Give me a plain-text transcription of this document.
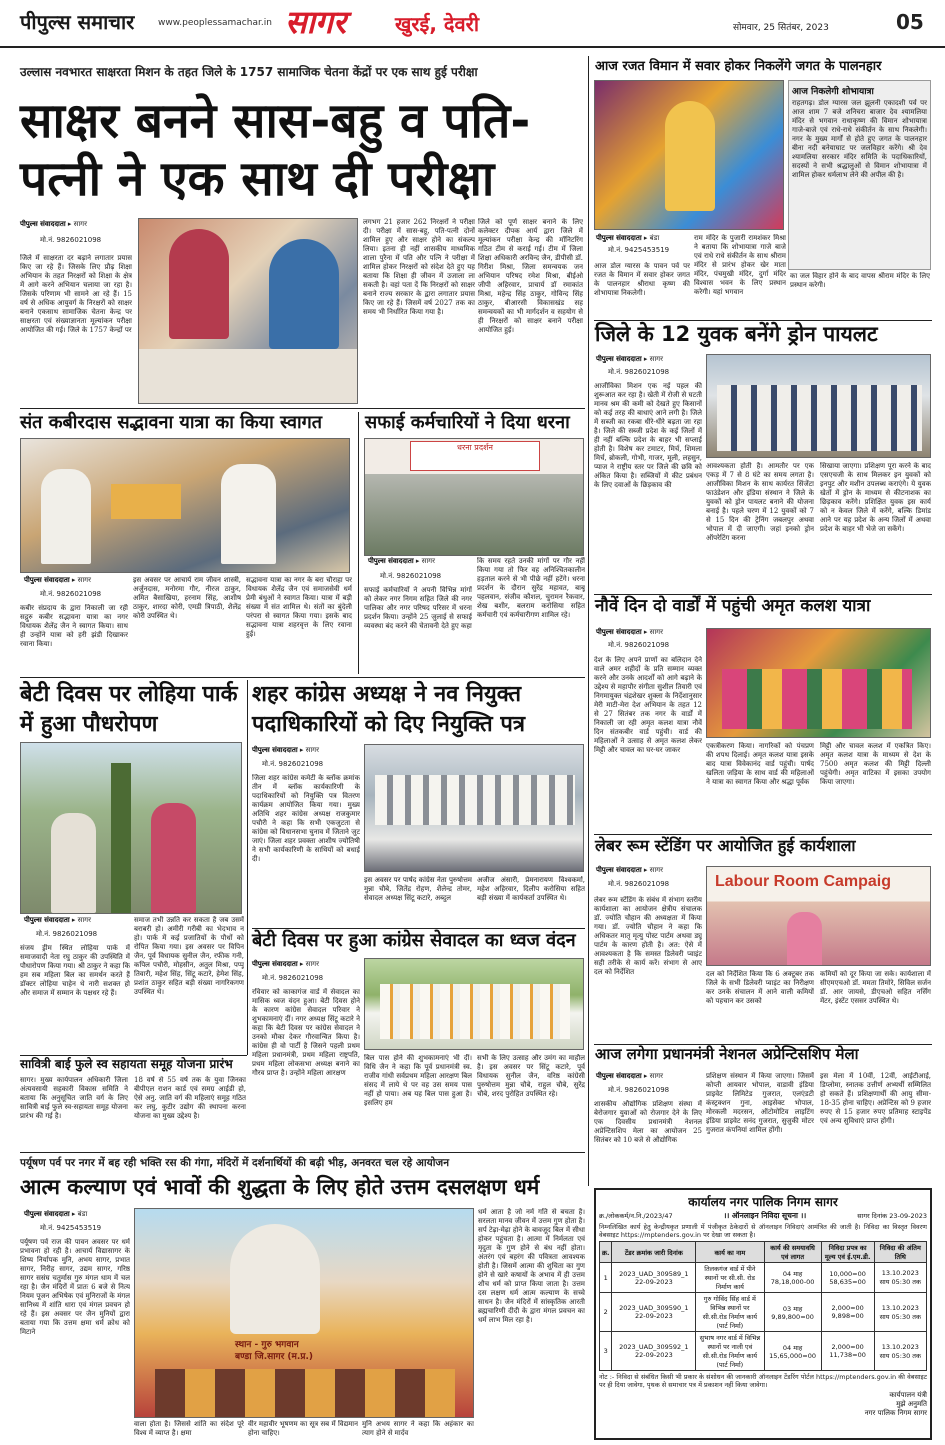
पीपुल्स समाचार	www.peoplessamachar.in सागर खुरई, देवरी	सोमवार, 25 सितंबर, 2023	05
उल्लास नवभारत साक्षरता मिशन के तहत जिले के 1757 सामाजिक चेतना केंद्रों पर एक साथ हुई परीक्षा
साक्षर बनने सास-बहु व पति-पत्नी ने एक साथ दी परीक्षा
पीपुल्स संवाददाता ▸ सागर
मो.नं. 9826021098
जिले में साक्षरता दर बढ़ाने लगातार प्रयास किए जा रहे हैं। जिसके लिए प्रौढ़ शिक्षा अभियान के तहत निरक्षरों को शिक्षा के क्षेत्र में आगे करने अभियान चलाया जा रहा है। जिसके परिणाम भी सामने आ रहे हैं। 15 वर्ष से अधिक आयुवर्ग के निरक्षरों को साक्षर बनाने एकसाथ सामाजिक चेतना केन्द्र पर साक्षरता एवं संख्याज्ञानता मूल्यांकन परीक्षा आयोजित की गई। जिले के 1757 केन्द्रों पर
लगभग 21 हजार 262 निरक्षरों ने परीक्षा दी। परीक्षा में सास-बहू, पति-पत्नी दोनों शामिल हुए और साक्षर होने का संकल्प लिया। इतना ही नहीं शासकीय माध्यमिक शाला पुरैना में पति और पत्नि ने परीक्षा में शामिल होकर निरक्षरों को संदेश देते हुए यह बताया कि शिक्षा ही जीवन में उजाला ला सकती है। वहां पता दें कि निरक्षरों को साक्षर बनाने राज्य सरकार के द्वारा लगातार प्रयास किए जा रहे हैं। जिसमें वर्ष 2027 तक का समय भी निर्धारित किया गया है।
जिले को पूर्ण साक्षर बनाने के लिए कलेक्टर दीपक आर्य द्वारा जिले में मूल्यांकन परीक्षा केन्द्र की मॉनिटरिंग गठित टीम से कराई गई। टीम में जिला शिक्षा अधिकारी अरविन्द जैन, डीपीसी डॉ. गिरीश मिश्रा, जिला समन्वयक जन अभियान परिषद रमेश मिश्रा, बीईओ जीपी अहिरवार, प्राचार्य डॉ रमाकांत मिश्रा, महेन्द्र सिंह ठाकुर, गोविन्द सिंह ठाकुर, बीआरसी विकासखंड सह समन्वयकों का भी मार्गदर्शन व सहयोग से ही निरक्षरों को साक्षर बनाने परीक्षा आयोजित हुई।
संत कबीरदास सद्भावना यात्रा का किया स्वागत
पीपुल्स संवाददाता ▸ सागर
मो.नं. 9826021098
कबीर संप्रदाय के द्वारा निकाली जा रही सद्गुरु कबीर सद्भावना यात्रा का नगर विधायक शैलेंद्र जैन ने स्वागत किया। साथ ही उन्होंने यात्रा को हरी झंडी दिखाकर रवाना किया।
इस अवसर पर आचार्य राम जीवन शास्त्री, अर्जुनदास, मनोरमा गौर, नीरज ठाकुर, अमित बैसाखिया, हरनाम सिंह, आशीष ठाकुर, शारदा कोरी, एमडी त्रिपाठी, शैलेंद्र कोरी उपस्थित थे।
सद्भावना यात्रा का नगर के बरा चौराहा पर विधायक शैलेंद्र जैन एवं समाजसेवी धर्म प्रेमी बंधुओं ने स्वागत किया। यात्रा में बड़ी संख्या में संत शामिल थे। संतों का बुंदेली परंपरा से स्वागत किया गया। इसके बाद सद्भावना यात्रा शहरवृत्त के लिए रवाना हुई।
सफाई कर्मचारियों ने दिया धरना
धरना प्रदर्शन
पीपुल्स संवाददाता ▸ सागर
मो.नं. 9826021098
सफाई कर्मचारियों ने अपनी विभिन्न मांगों को लेकर नगर निगम सहित जिले की नगर पालिका और नगर परिषद परिसर में धरना प्रदर्शन किया। उन्होंने 25 जुलाई से सफाई व्यवस्था बंद करने की चेतावनी देते हुए कहा
कि समय रहते उनकी मांगों पर गौर नहीं किया गया तो फिर वह अनिश्चितकालीन हड़ताल करने से भी पीछे नहीं हटेंगे। धरना प्रदर्शन के दौरान सुरेंद्र महावत, बाबू पहलवान, संजीव कौशल, चुरामन रैकवार, शेख बशीर, बलराम करोसिया सहित कर्मचारी एवं कर्मचारीगण शामिल रहे।
बेटी दिवस पर लोहिया पार्क में हुआ पौधरोपण
पीपुल्स संवाददाता ▸ सागर
मो.नं. 9826021098
संजय ड्रीम स्थित लोहिया पार्क में समाजवादी नेता रघु ठाकुर की उपस्थिति में पौधारोपण किया गया। श्री ठाकुर ने कहा कि हम सब महिला बिल का समर्थन करते हैं डॉक्टर लोहिया चाहेन थे नारी सशक्त हो और समाज में सम्मान के पक्षधर रहे हैं।
समाज तभी उन्नति कर सकता है जब उसमें बराबरी हो। अमीरी गरीबी का भेदभाव न हो। पार्क में कई प्रजातियों के पौधों को रोपित किया गया। इस अवसर पर विपिन जैन, पूर्व विधायक सुनील जैन, रफीक गनी, कपिल पचौरी, मोहसीन, अतुल मिश्रा, पप्पू तिवारी, महेश सिंह, सिंटू कटारे, हेमेश सिंह, प्रशांत ठाकुर सहित बड़ी संख्या नागरिकगण उपस्थित थे।
शहर कांग्रेस अध्यक्ष ने नव नियुक्त पदाधिकारियों को दिए नियुक्ति पत्र
पीपुल्स संवाददाता ▸ सागर
मो.नं. 9826021098
जिला शहर कांग्रेस कमेटी के ब्लॉक क्रमांक तीन में ब्लॉक कार्यकारिणी के पदाधिकारियों को नियुक्ति पत्र वितरण कार्यक्रम आयोजित किया गया। मुख्य अतिथि शहर कांग्रेस अध्यक्ष राजकुमार पचौरी ने कहा कि सभी एकजुटता से कांग्रेस को विधानसभा चुनाव में जिताने जुट जाएं। जिला शहर प्रवक्ता आशीष ज्योतिषी ने सभी कार्यकारिणी के साथियों को बधाई दी।
इस अवसर पर पार्षद कांग्रेस नेता पुरुषोत्तम मुन्ना चौबे, जितेंद्र रोहण, शैलेन्द्र तोमर, सेवादल अध्यक्ष सिंटू कटारे, अब्दुल
अजीज अंसारी, प्रेमनारायण विश्वकर्मा, महेश अहिरवार, दिलीप करोसिया सहित बड़ी संख्या में कार्यकर्ता उपस्थित थे।
बेटी दिवस पर हुआ कांग्रेस सेवादल का ध्वज वंदन
पीपुल्स संवाददाता ▸ सागर
मो.नं. 9826021098
रविवार को काकागंज वार्ड में सेवादल का मासिक ध्वज वंदन हुआ। बेटी दिवस होने के कारण कांग्रेस सेवादल परिवार ने शुभकामनाएं दीं। नगर अध्यक्ष सिंटू कटारे ने कहा कि बेटी दिवस पर कांग्रेस सेवादल ने उनको मौका देकर गौरवान्वित किया है। कांग्रेस ही वो पार्टी है जिसने पहली प्रथम महिला प्रधानमंत्री, प्रथम महिला राष्ट्रपति, प्रथम महिला लोकसभा अध्यक्ष बनाने का गौरव प्राप्त है। उन्होंने महिला आरक्षण
बिल पास होने की शुभकामनाएं भी दीं। विधि जैन ने कहा कि पूर्व प्रधानमंत्री स्व. राजीव गांधी सर्वप्रथम महिला आरक्षण बिल संसद में लाये थे पर वह उस समय पास नहीं हो पाया। अब यह बिल पास हुआ है। इसलिए हम
सभी के लिए उत्साह और उमंग का माहौल है। इस अवसर पर सिंटू कटारे, पूर्व विधायक सुनील जैन, वरिष्ठ कांग्रेसी पुरुषोत्तम मुन्ना चौबे, राहुल चौबे, सुरेंद्र चौबे, शरद पुरोहित उपस्थित रहे।
सावित्री बाई फुले स्व सहायता समूह योजना प्रारंभ
सागर। मुख्य कार्यपालन अधिकारी जिला अंत्यवसायी सहकारी विकास समिति ने बताया कि अनुसूचित जाति वर्ग के लिए सावित्री बाई फुले स्व-सहायता समूह योजना प्रारंभ की गई है।
18 वर्ष से 55 वर्ष तक के युवा जिनका बीपीएल राशन कार्ड एवं समग्र आईडी हो, ऐसे अनु. जाति वर्ग की महिलाएं समूह गठित कर लघु, कुटीर उद्योग की स्थापना करना योजना का मुख्य उद्देश्य है।
पर्यूषण पर्व पर नगर में बह रही भक्ति रस की गंगा, मंदिरों में दर्शनार्थियों की बढ़ी भीड़, अनवरत चल रहे आयोजन
आत्म कल्याण एवं भावों की शुद्धता के लिए होते उत्तम दसलक्षण धर्म
पीपुल्स संवाददाता ▸ बंडा
मो.नं. 9425453519
पर्यूषण पर्व राज की पावन अवसर पर धर्म प्रभावना हो रही है। आचार्य विद्यासागर के शिष्य निर्यापक मुनि, अभय सागर, प्रभात सागर, निरीह सागर, उद्यम सागर, गरिष्ठ सागर ससंघ चतुर्मास गुरु मंगल धाम में चल रहा है। जैन मंदिरों में प्रातः 6 बजे से नित्य नियम पूजन अभिषेक एवं मुनिराजों के मंगल सानिध्य में शांति धारा एवं मंगल प्रवचन हो रहे हैं। इस अवसर पर जैन मुनियों द्वारा बताया गया कि उत्तम क्षमा धर्म क्रोध को मिटाने
स्थान - गुरु भगवान
बण्डा जि.सागर (म.प्र.)
वाला होता है। जिससे शांति का संदेश पूरे विश्व में व्याप्त है। क्षमा
वीर महावीर भूषणम का सूत्र सब में विद्यमान होना चाहिए।
मुनि अभय सागर ने कहा कि अहंकार का त्याग होने से मार्दव
धर्म आता है जो नर्म गति से बचता है। सरलता मानव जीवन में उत्तम गुण होता है। सर्प टेढ़ा-मेढ़ा होने के बावजूद बिल में सीधा होकर पहुंचता है। आत्मा में निर्मलता एवं मृदुता के गुण होने से बंध नहीं होता। अंतरंग एवं बहरंग की पवित्रता आवश्यक होती है। जिसमें आत्मा की शुचिता का गुण होने से खारे कषायों के अभाव में ही उत्तम शौच धर्म को प्राप्त किया जाता है। उत्तम दस लक्षण धर्म आत्म कल्याण के सच्चे साधन है। जैन मंदिरों में सांस्कृतिक आरती ब्रह्मचारिणी दीदी के द्वारा मंगल प्रवचन का धर्म लाभ मिल रहा है।
आज रजत विमान में सवार होकर निकलेंगे जगत के पालनहार
आज निकलेगी शोभायात्रा
राहतगढ़। डोल ग्यारस जल झूलनी एकादशी पर्व पर आज शाम 7 बजे शनिचरा बाजार देव श्यामलिया मंदिर से भगवान राधाकृष्ण की विमान शोभायात्रा गाजे-बाजे एवं राधे-राधे संकीर्तन के साथ निकलेगी। नगर के मुख्य मार्गों से होते हुए जगत के पालनहार बीना नदी बनेयाघाट पर जलविहार करेंगे। श्री देव श्यामलिया सरकार मंदिर समिति के पदाधिकारियों, सदस्यों ने सभी श्रद्धालुओं से विमान शोभायात्रा में शामिल होकर धर्मलाभ लेने की अपील की है।
पीपुल्स संवाददाता ▸ बंडा
मो.नं. 9425453519
आज डोल ग्यारस के पावन पर्व पर रजत के विमान में सवार होकर जगत के पालनहार श्रीराधा कृष्ण की शोभायात्रा निकलेगी।
राम मंदिर के पुजारी रामशंकर मिश्रा ने बताया कि शोभायात्रा गाजे बाजे एवं राधे राधे संकीर्तन के साथ श्रीराम मंदिर से प्रारंभ होकर खेर माता मंदिर, पंचमुखी मंदिर, दुर्गा मंदिर विश्वास भवन के लिए प्रस्थान करेगी। यहां भगवान
का जल विहार होने के बाद वापस श्रीराम मंदिर के लिए प्रस्थान करेगी।
जिले के 12 युवक बनेंगे ड्रोन पायलट
पीपुल्स संवाददाता ▸ सागर
मो.नं. 9826021098
आजीविका मिशन एक नई पहल की शुरूआत कर रहा है। खेती में रोजी से घटती मानव श्रम की कमी को देखते हुए किसानों को कई तरह की बाधाएं आने लगी है। जिले में सब्जी का रकबा धीरे-धीरे बढ़ता जा रहा है। जिले की सब्जी प्रदेश के कई जिलों में ही नहीं बल्कि प्रदेश के बाहर भी सप्लाई होती है। विशेष कर टमाटर, मिर्च, शिमला मिर्च, ब्रोकली, गोभी, गाजर, मूली, लहसुन, प्याज ने राष्ट्रीय स्तर पर जिले की छवि को अंकित किया है। सब्जियों में कीट प्रबंधन के लिए दवाओं के छिड़काव की
आवश्यकता होती है। आमतौर पर एक एकड़ में 7 से 8 घंटे का समय लगता है। आजीविका मिशन के साथ कार्यरत सिंजेंटा फाउंडेशन और इंडिया संस्थान ने जिले के युवकों को ड्रोन पायलट बनाने की योजना बनाई है। पहले चरण में 12 युवकों को 7 से 15 दिन की ट्रेनिंग जबलपुर अथवा भोपाल में दी जाएगी। जहां इनको ड्रोन ऑपरेटिंग करना
सिखाया जाएगा। प्रशिक्षण पूरा करने के बाद एसएचजी के साथ मिलकर इन युवकों को इनपुट और मशीन उपलब्ध कराएंगे। ये युवक खेतों में ड्रोन के माध्यम से कीटनाशक का छिड़काव करेंगे। प्रशिक्षित युवक इस कार्य को न केवल जिले में करेंगे, बल्कि डिमांड आने पर यह प्रदेश के अन्य जिलों में अथवा प्रदेश के बाहर भी भेजे जा सकेंगे।
नौवें दिन दो वार्डों में पहुंची अमृत कलश यात्रा
पीपुल्स संवाददाता ▸ सागर
मो.नं. 9826021098
देश के लिए अपने प्राणों का बलिदान देने वाले अमर शहीदों के प्रति सम्मान व्यक्त करने और उनके आदर्शों को आगे बढ़ाने के उद्देश्य से महापौर संगीता सुशील तिवारी एवं निगमायुक्त चंद्रशेखर शुक्ला के निर्देशानुसार मेरी माटी-मेरा देश अभियान के तहत 12 से 27 सितंबर तक नगर के वार्डों में निकाली जा रही अमृत कलश यात्रा नौवें दिन संतकबीर वार्ड पहुंची। वार्ड की महिलाओं ने उत्साह से अमृत कलश लेकर मिट्टी और चावल का घर-घर जाकर	एकत्रीकरण किया। नागरिकों को पंचप्रण की शपथ दिलाई। अमृत कलश यात्रा इसके बाद यात्रा विवेकानंद वार्ड पहुंची। पार्षद खलिता जड़िया के साथ वार्ड की महिलाओं ने यात्रा का स्वागत किया और श्रद्धा पूर्वक
मिट्टी और चावल कलश में एकत्रित किए। अमृत कलश यात्रा के माध्यम से देश के 7500 अमृत कलश की मिट्टी दिल्ली पहुंचेगी। अमृत वाटिका में इसका उपयोग किया जाएगा।
लेबर रूम स्टेंडिंग पर आयोजित हुई कार्यशाला
पीपुल्स संवाददाता ▸ सागर
मो.नं. 9826021098
लेबर रूम स्टेंडिंग के संबंध में संभाग स्तरीय कार्यशाला का आयोजन क्षेत्रीय संचालक डॉ. ज्योति चौहान की अध्यक्षता में किया गया। डॉ. ज्योति चौहान ने कहा कि अधिकतर मातृ मृत्यु पोस्ट पार्टम अथवा ड्यू पार्टम के कारण होती है। अत: ऐसे में आवश्यकता है कि समस्त डिलेवरी प्वाइंट सही तरीके से कार्य करें। संभाग से आए दल को निर्देशित
Labour Room Campaig
दल को निर्देशित किया कि 6 अक्टूबर तक जिले के सभी डिलेवरी प्वाइंट का निरीक्षण कर उनके संचालन में आने वाली कमियों को पहचान कर उसको
कमियों को दूर किया जा सके। कार्यशाला में सीएमएचओ डॉ. ममता तिमोरे, सिविल सर्जन डॉ. आर जायसे, डीएचओ सहित नर्सिंग मेंटर, इंस्टेंट एससर उपस्थित थे।
आज लगेगा प्रधानमंत्री नेशनल अप्रेन्टिसशिप मेला
पीपुल्स संवाददाता ▸ सागर
मो.नं. 9826021098
शासकीय औद्योगिक प्रशिक्षण संस्था में बेरोजगार युवाओं को रोजगार देने के लिए एक दिवसीय प्रधानमंत्री नेशनल अप्रेन्टिसशिप मेला का आयोजन 25 सितंबर को 10 बजे से औद्योगिक
प्रशिक्षण संस्थान में किया जाएगा। जिसमें कोप्ती आयवार भोपाल, वाडावी इंडिया प्राइवेट लिमिटेड गुजरात, एलएंडटी कंस्ट्रक्शन गुना, आइसेक्ट भोपाल, मोरकली मदरसन, ऑटोमोटिव लाइटिंग इंडिया प्राइवेट सनंद गुजरात, सुजुकी मोटर गुजरात कंपनियां शामिल होंगी।
इस मेला में 10वीं, 12वीं, आईटीआई, डिप्लोमा, स्नातक उत्तीर्ण अभ्यर्थी सम्मिलित हो सकते हैं। प्रशिक्षणार्थी की आयु सीमा- 18-35 होना चाहिए। अप्रेन्टिस को 9 हजार रुपए से 15 हजार रुपए प्रतिमाह स्टाइपेंड एवं अन्य सुविधाएं प्राप्त होंगी।
कार्यालय नगर पालिक निगम सागर
क्र./लोककर्म/न.नि./2023/47	।। ऑनलाइन निविदा सूचना ।।	सागर दिनांक 23-09-2023
निम्नलिखित कार्य हेतु केन्द्रीयकृत प्रणाली में पंजीकृत ठेकेदारों से ऑनलाइन निविदाएं आमंत्रित की जाती है। निविदा का विस्तृत विवरण वेबसाइट https://mptenders.gov.in पर देखा जा सकता है।
क्र.	टेंडर क्रमांक जारी दिनांक	कार्य का नाम	कार्य की समयावधि एवं लागत	निविदा प्रपत्र का मूल्य एवं ई.एम.डी.	निविदा की अंतिम तिथि
1	2023_UAD_309589_1 22-09-2023	तिलकगंज वार्ड में पीने स्थानों पर सी.सी. रोड निर्माण कार्य	04 माह 78,18,000-00	10,000=00 58,635=00	13.10.2023 साय 05:30 तक
2	2023_UAD_309590_1 22-09-2023	गुरु गोविंद सिंह वार्ड में विभिन्न स्थानों पर सी.सी.रोड निर्माण कार्य (पार्ट निर्मा)	03 माह 9,89,800=00	2,000=00 9,898=00	13.10.2023 साय 05:30 तक
3	2023_UAD_309592_1 22-09-2023	सुभाष नगर वार्ड में विभिन्न स्थानों पर नाली एवं सी.सी.रोड निर्माण कार्य (पार्ट निर्मा)	04 माह 15,65,000=00	2,000=00 11,738=00	13.10.2023 साय 05:30 तक
नोट :- निविदा से संबंधित किसी भी प्रकार के संशोधन की जानकारी ऑनलाइन टेंडरिंग पोर्टल https://mptenders.gov.in की वेबसाइट पर ही दिया जावेगा, पृथक से समाचार पत्र में प्रकाशन नहीं किया जावेगा।
कार्यपालन यंत्री
मुझे अनुमति
नगर पालिक निगम सागर
